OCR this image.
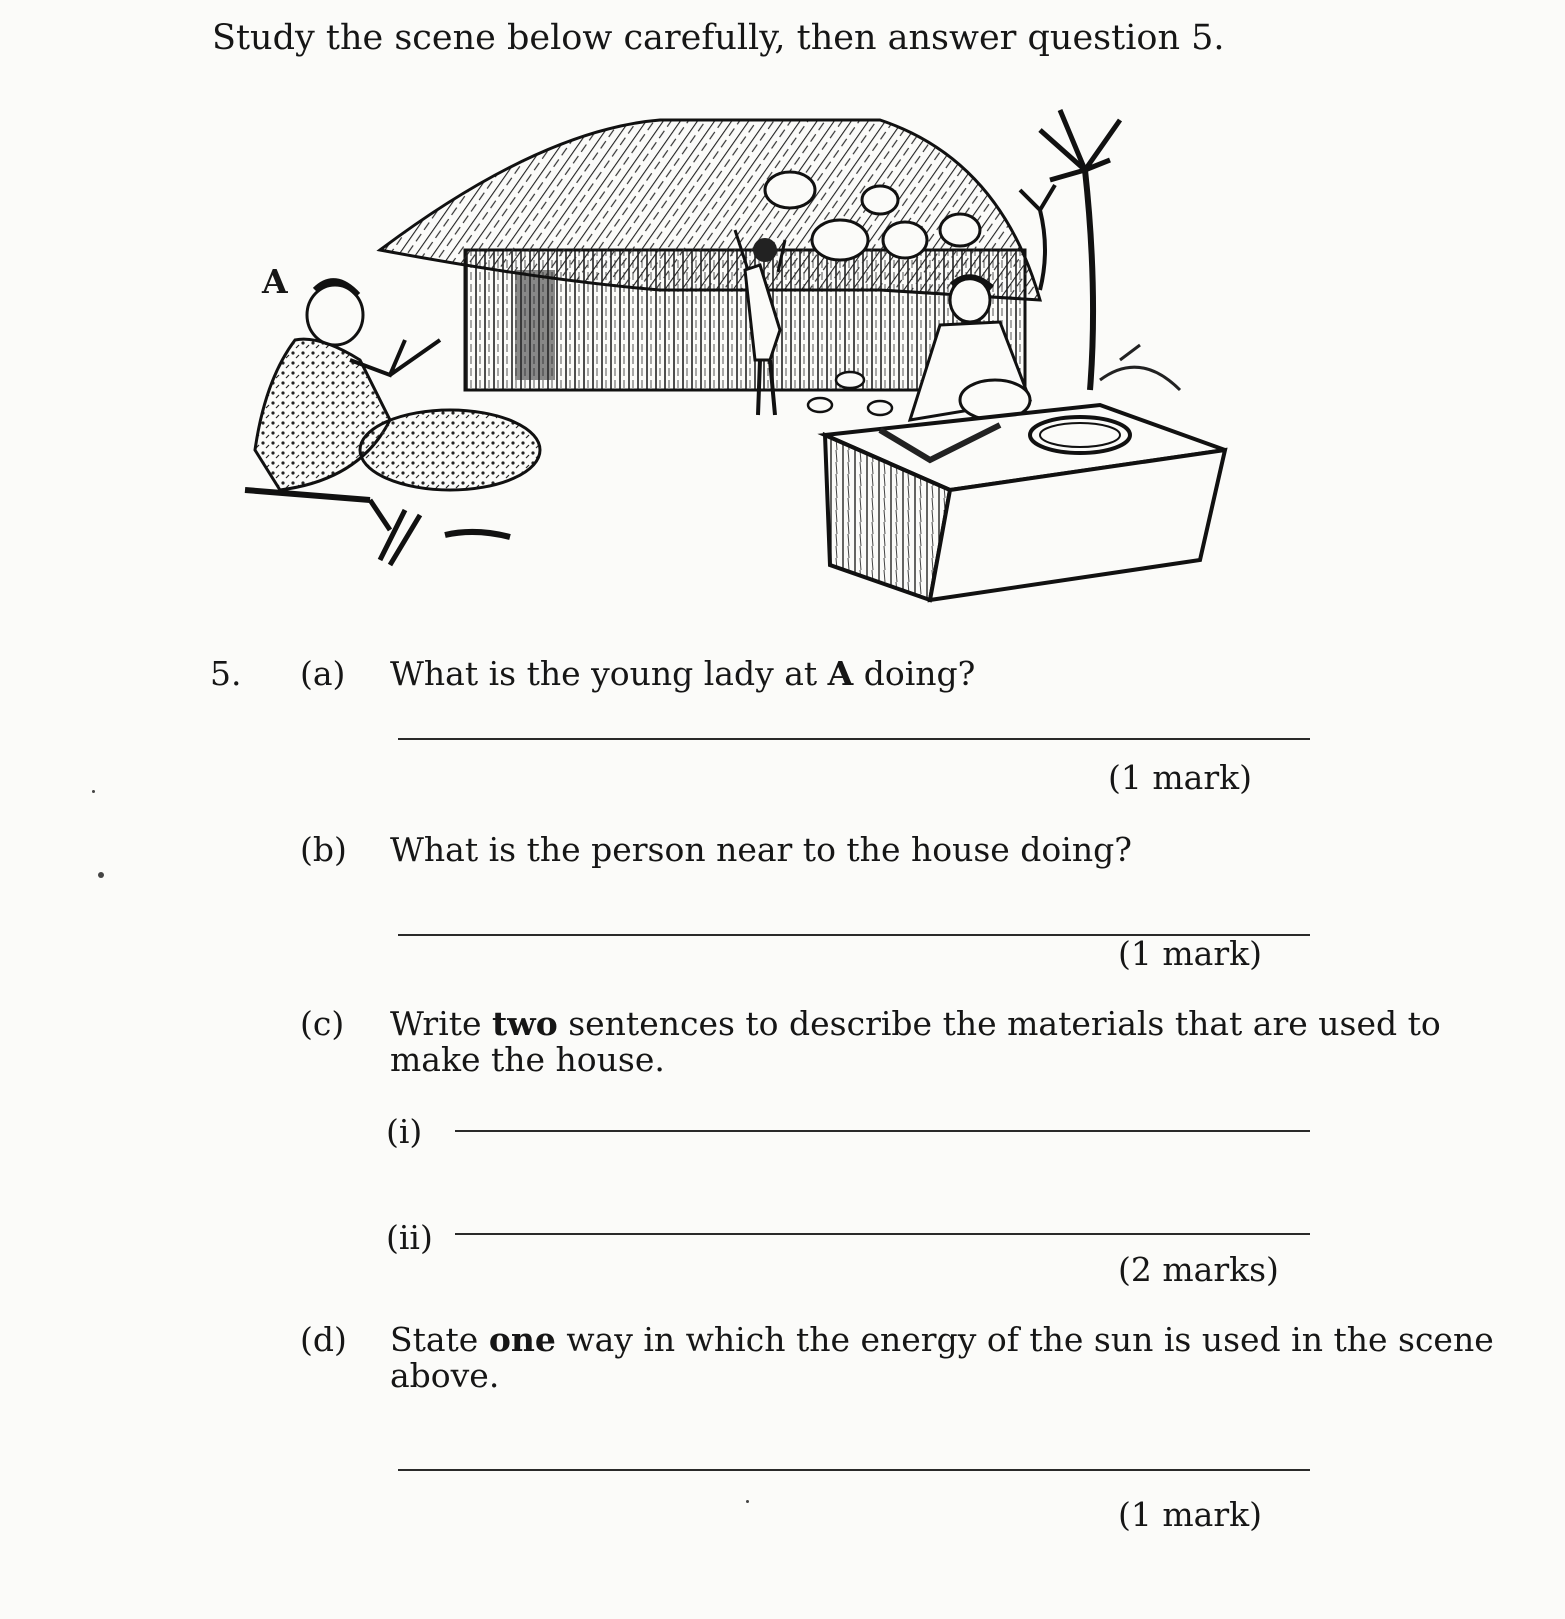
Study the scene below carefully, then answer question 5.
A
5. (a) What is the young lady at A doing?
(1 mark)
(b) What is the person near to the house doing?
(1 mark)
(c) Write two sentences to describe the materials that are used to
make the house.
(i)
(ii)
(2 marks)
(d) State one way in which the energy of the sun is used in the scene
above.
(1 mark)
